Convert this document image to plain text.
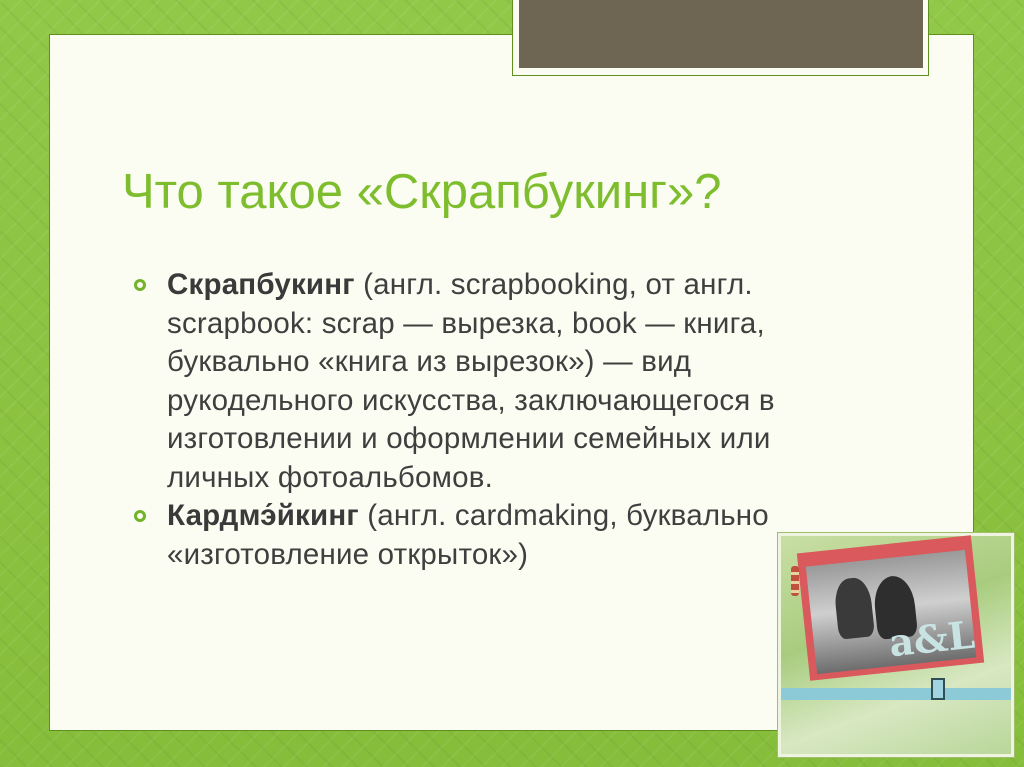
Что такое «Скрапбукинг»?
Скрапбукинг (англ. scrapbooking, от англ. scrapbook: scrap — вырезка, book — книга, буквально «книга из вырезок») — вид рукодельного искусства, заключающегося в изготовлении и оформлении семейных или личных фотоальбомов.
Кардмэ́йкинг (англ. cardmaking, буквально «изготовление открыток»)
a&L
